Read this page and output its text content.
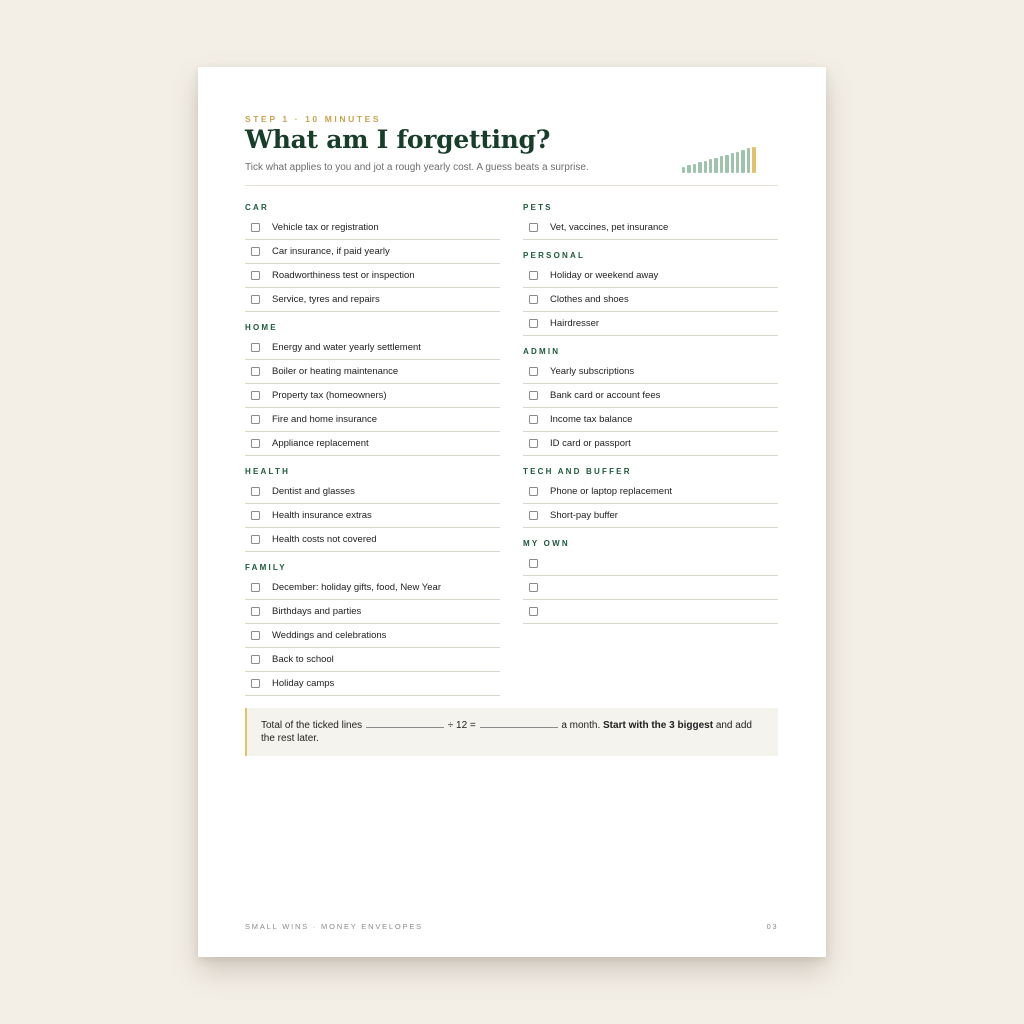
STEP 1 · 10 MINUTES
What am I forgetting?
Tick what applies to you and jot a rough yearly cost. A guess beats a surprise.
CAR
Vehicle tax or registration
Car insurance, if paid yearly
Roadworthiness test or inspection
Service, tyres and repairs
HOME
Energy and water yearly settlement
Boiler or heating maintenance
Property tax (homeowners)
Fire and home insurance
Appliance replacement
HEALTH
Dentist and glasses
Health insurance extras
Health costs not covered
FAMILY
December: holiday gifts, food, New Year
Birthdays and parties
Weddings and celebrations
Back to school
Holiday camps
PETS
Vet, vaccines, pet insurance
PERSONAL
Holiday or weekend away
Clothes and shoes
Hairdresser
ADMIN
Yearly subscriptions
Bank card or account fees
Income tax balance
ID card or passport
TECH AND BUFFER
Phone or laptop replacement
Short-pay buffer
MY OWN
Total of the ticked lines	÷ 12 =	a month. Start with the 3 biggest and add the rest later.
SMALL WINS · MONEY ENVELOPES	03
